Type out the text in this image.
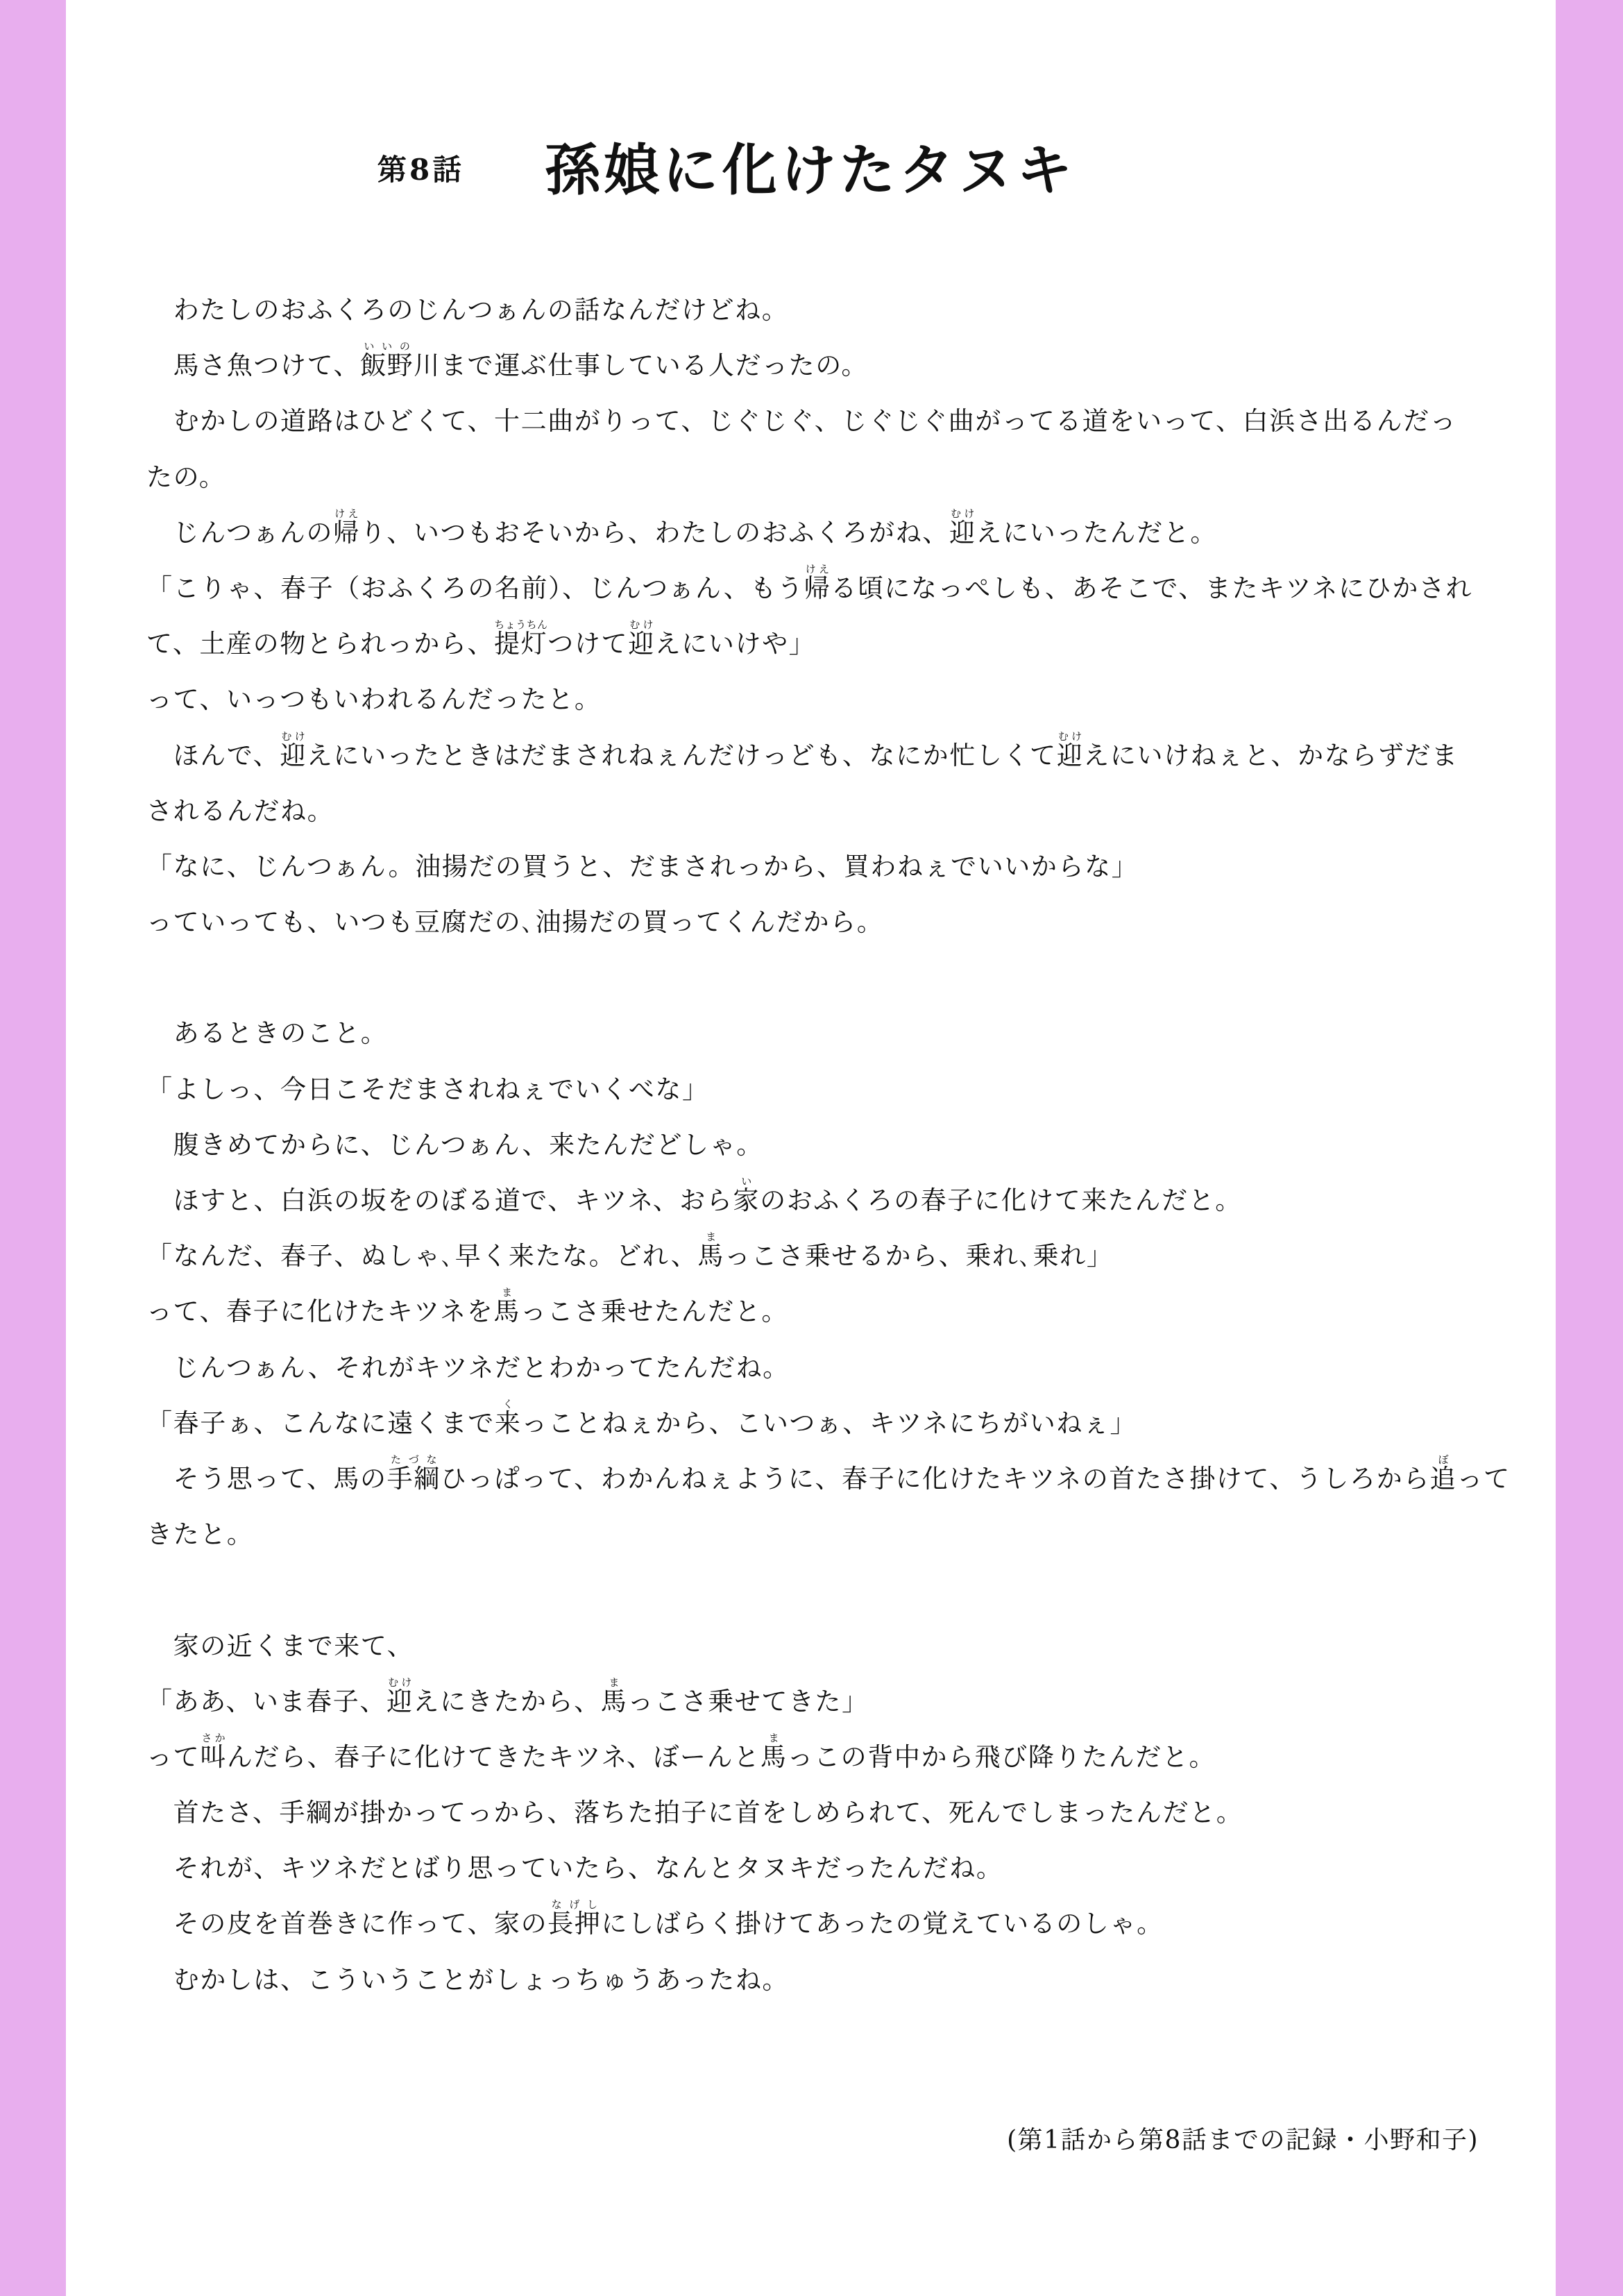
第8話 孫娘に化けたタヌキ
　わたしのおふくろのじんつぁんの話なんだけどね。
　馬さ魚つけて、飯野いいの川まで運ぶ仕事している人だったの。
　むかしの道路はひどくて、十二曲がりって、じぐじぐ、じぐじぐ曲がってる道をいって、白浜さ出るんだっ
たの。
　じんつぁんの帰けえり、いつもおそいから、わたしのおふくろがね、迎むけえにいったんだと。
「こりゃ、春子（おふくろの名前）、じんつぁん、もう帰けえる頃になっぺしも、あそこで、またキツネにひかされ
て、土産の物とられっから、提灯ちょうちんつけて迎むけえにいけや」
って、いっつもいわれるんだったと。
　ほんで、迎むけえにいったときはだまされねぇんだけっども、なにか忙しくて迎むけえにいけねぇと、かならずだま
されるんだね。
「なに、じんつぁん。油揚だの買うと、だまされっから、買わねぇでいいからな」
っていっても、いつも豆腐だの､油揚だの買ってくんだから。
　あるときのこと。
「よしっ、今日こそだまされねぇでいくべな」
　腹きめてからに、じんつぁん、来たんだどしゃ。
　ほすと、白浜の坂をのぼる道で、キツネ、おら家いのおふくろの春子に化けて来たんだと。
「なんだ、春子、ぬしゃ､早く来たな。どれ、馬まっこさ乗せるから、乗れ､乗れ」
って、春子に化けたキツネを馬まっこさ乗せたんだと。
　じんつぁん、それがキツネだとわかってたんだね。
「春子ぁ、こんなに遠くまで来くっことねぇから、こいつぁ、キツネにちがいねぇ」
　そう思って、馬の手綱たづなひっぱって、わかんねぇように、春子に化けたキツネの首たさ掛けて、うしろから追ぼって
きたと。
　家の近くまで来て、
「ああ、いま春子、迎むけえにきたから、馬まっこさ乗せてきた」
って叫さかんだら、春子に化けてきたキツネ、ぼーんと馬まっこの背中から飛び降りたんだと。
　首たさ、手綱が掛かってっから、落ちた拍子に首をしめられて、死んでしまったんだと。
　それが、キツネだとばり思っていたら、なんとタヌキだったんだね。
　その皮を首巻きに作って、家の長押なげしにしばらく掛けてあったの覚えているのしゃ。
　むかしは、こういうことがしょっちゅうあったね。
(第1話から第8話までの記録・小野和子)
